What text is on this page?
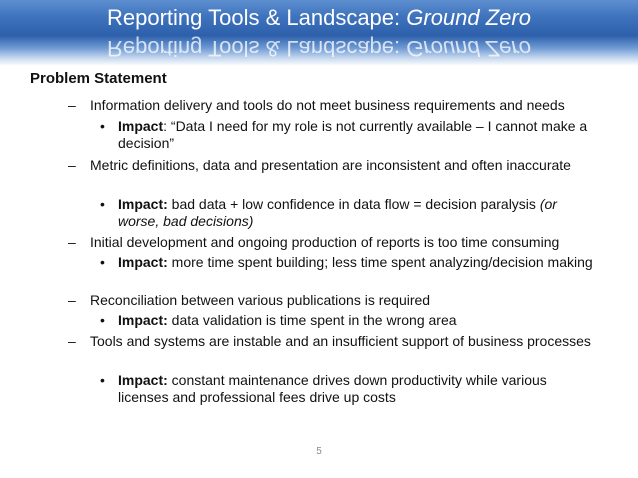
Reporting Tools & Landscape: Ground Zero
Reporting Tools & Landscape: Ground Zero
Problem Statement
– Information delivery and tools do not meet business requirements and needs
• Impact: “Data I need for my role is not currently available – I cannot make a decision”
– Metric definitions, data and presentation are inconsistent and often inaccurate
• Impact: bad data + low confidence in data flow = decision paralysis (or worse, bad decisions)
– Initial development and ongoing production of reports is too time consuming
• Impact: more time spent building; less time spent analyzing/decision making
– Reconciliation between various publications is required
• Impact: data validation is time spent in the wrong area
– Tools and systems are instable and an insufficient support of business processes
• Impact: constant maintenance drives down productivity while various licenses and professional fees drive up costs
5
